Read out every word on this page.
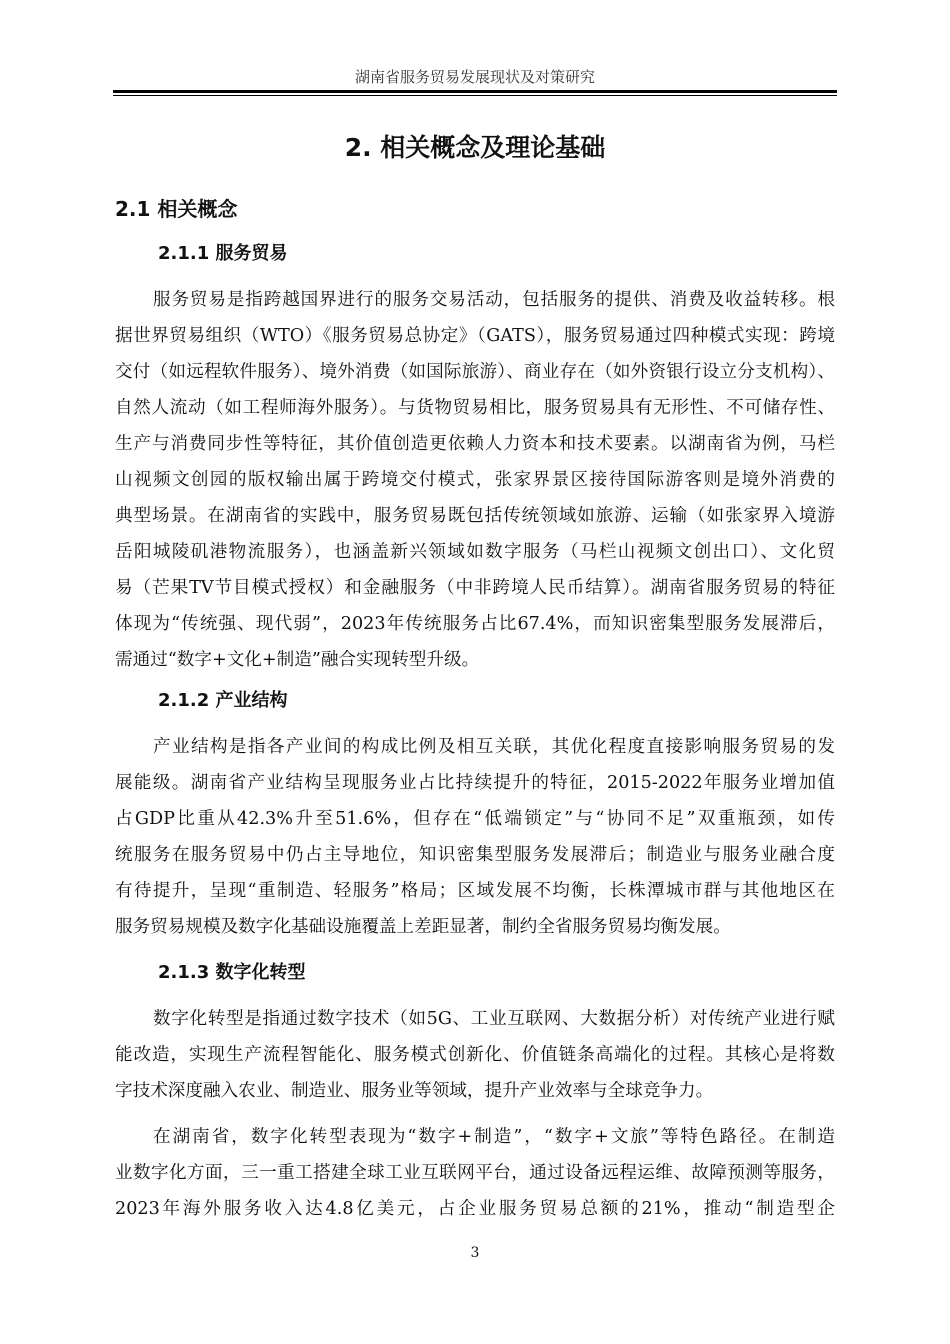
湖南省服务贸易发展现状及对策研究
2. 相关概念及理论基础
2.1 相关概念
2.1.1 服务贸易
服务贸易是指跨越国界进行的服务交易活动，包括服务的提供、消费及收益转移。根
据世界贸易组织（WTO）《服务贸易总协定》（GATS），服务贸易通过四种模式实现：跨境
交付（如远程软件服务）、境外消费（如国际旅游）、商业存在（如外资银行设立分支机构）、
自然人流动（如工程师海外服务）。与货物贸易相比，服务贸易具有无形性、不可储存性、
生产与消费同步性等特征，其价值创造更依赖人力资本和技术要素。以湖南省为例，马栏
山视频文创园的版权输出属于跨境交付模式，张家界景区接待国际游客则是境外消费的
典型场景。在湖南省的实践中，服务贸易既包括传统领域如旅游、运输（如张家界入境游
岳阳城陵矶港物流服务），也涵盖新兴领域如数字服务（马栏山视频文创出口）、文化贸
易（芒果TV节目模式授权）和金融服务（中非跨境人民币结算）。湖南省服务贸易的特征
体现为“传统强、现代弱”，2023年传统服务占比67.4%，而知识密集型服务发展滞后，
需通过“数字+文化+制造”融合实现转型升级。
2.1.2 产业结构
产业结构是指各产业间的构成比例及相互关联，其优化程度直接影响服务贸易的发
展能级。湖南省产业结构呈现服务业占比持续提升的特征，2015-2022年服务业增加值
占GDP比重从42.3%升至51.6%，但存在“低端锁定”与“协同不足”双重瓶颈，如传
统服务在服务贸易中仍占主导地位，知识密集型服务发展滞后；制造业与服务业融合度
有待提升，呈现“重制造、轻服务”格局；区域发展不均衡，长株潭城市群与其他地区在
服务贸易规模及数字化基础设施覆盖上差距显著，制约全省服务贸易均衡发展。
2.1.3 数字化转型
数字化转型是指通过数字技术（如5G、工业互联网、大数据分析）对传统产业进行赋
能改造，实现生产流程智能化、服务模式创新化、价值链条高端化的过程。其核心是将数
字技术深度融入农业、制造业、服务业等领域，提升产业效率与全球竞争力。
在湖南省，数字化转型表现为“数字+制造”，“数字+文旅”等特色路径。在制造
业数字化方面，三一重工搭建全球工业互联网平台，通过设备远程运维、故障预测等服务，
2023年海外服务收入达4.8亿美元，占企业服务贸易总额的21%，推动“制造型企
3
